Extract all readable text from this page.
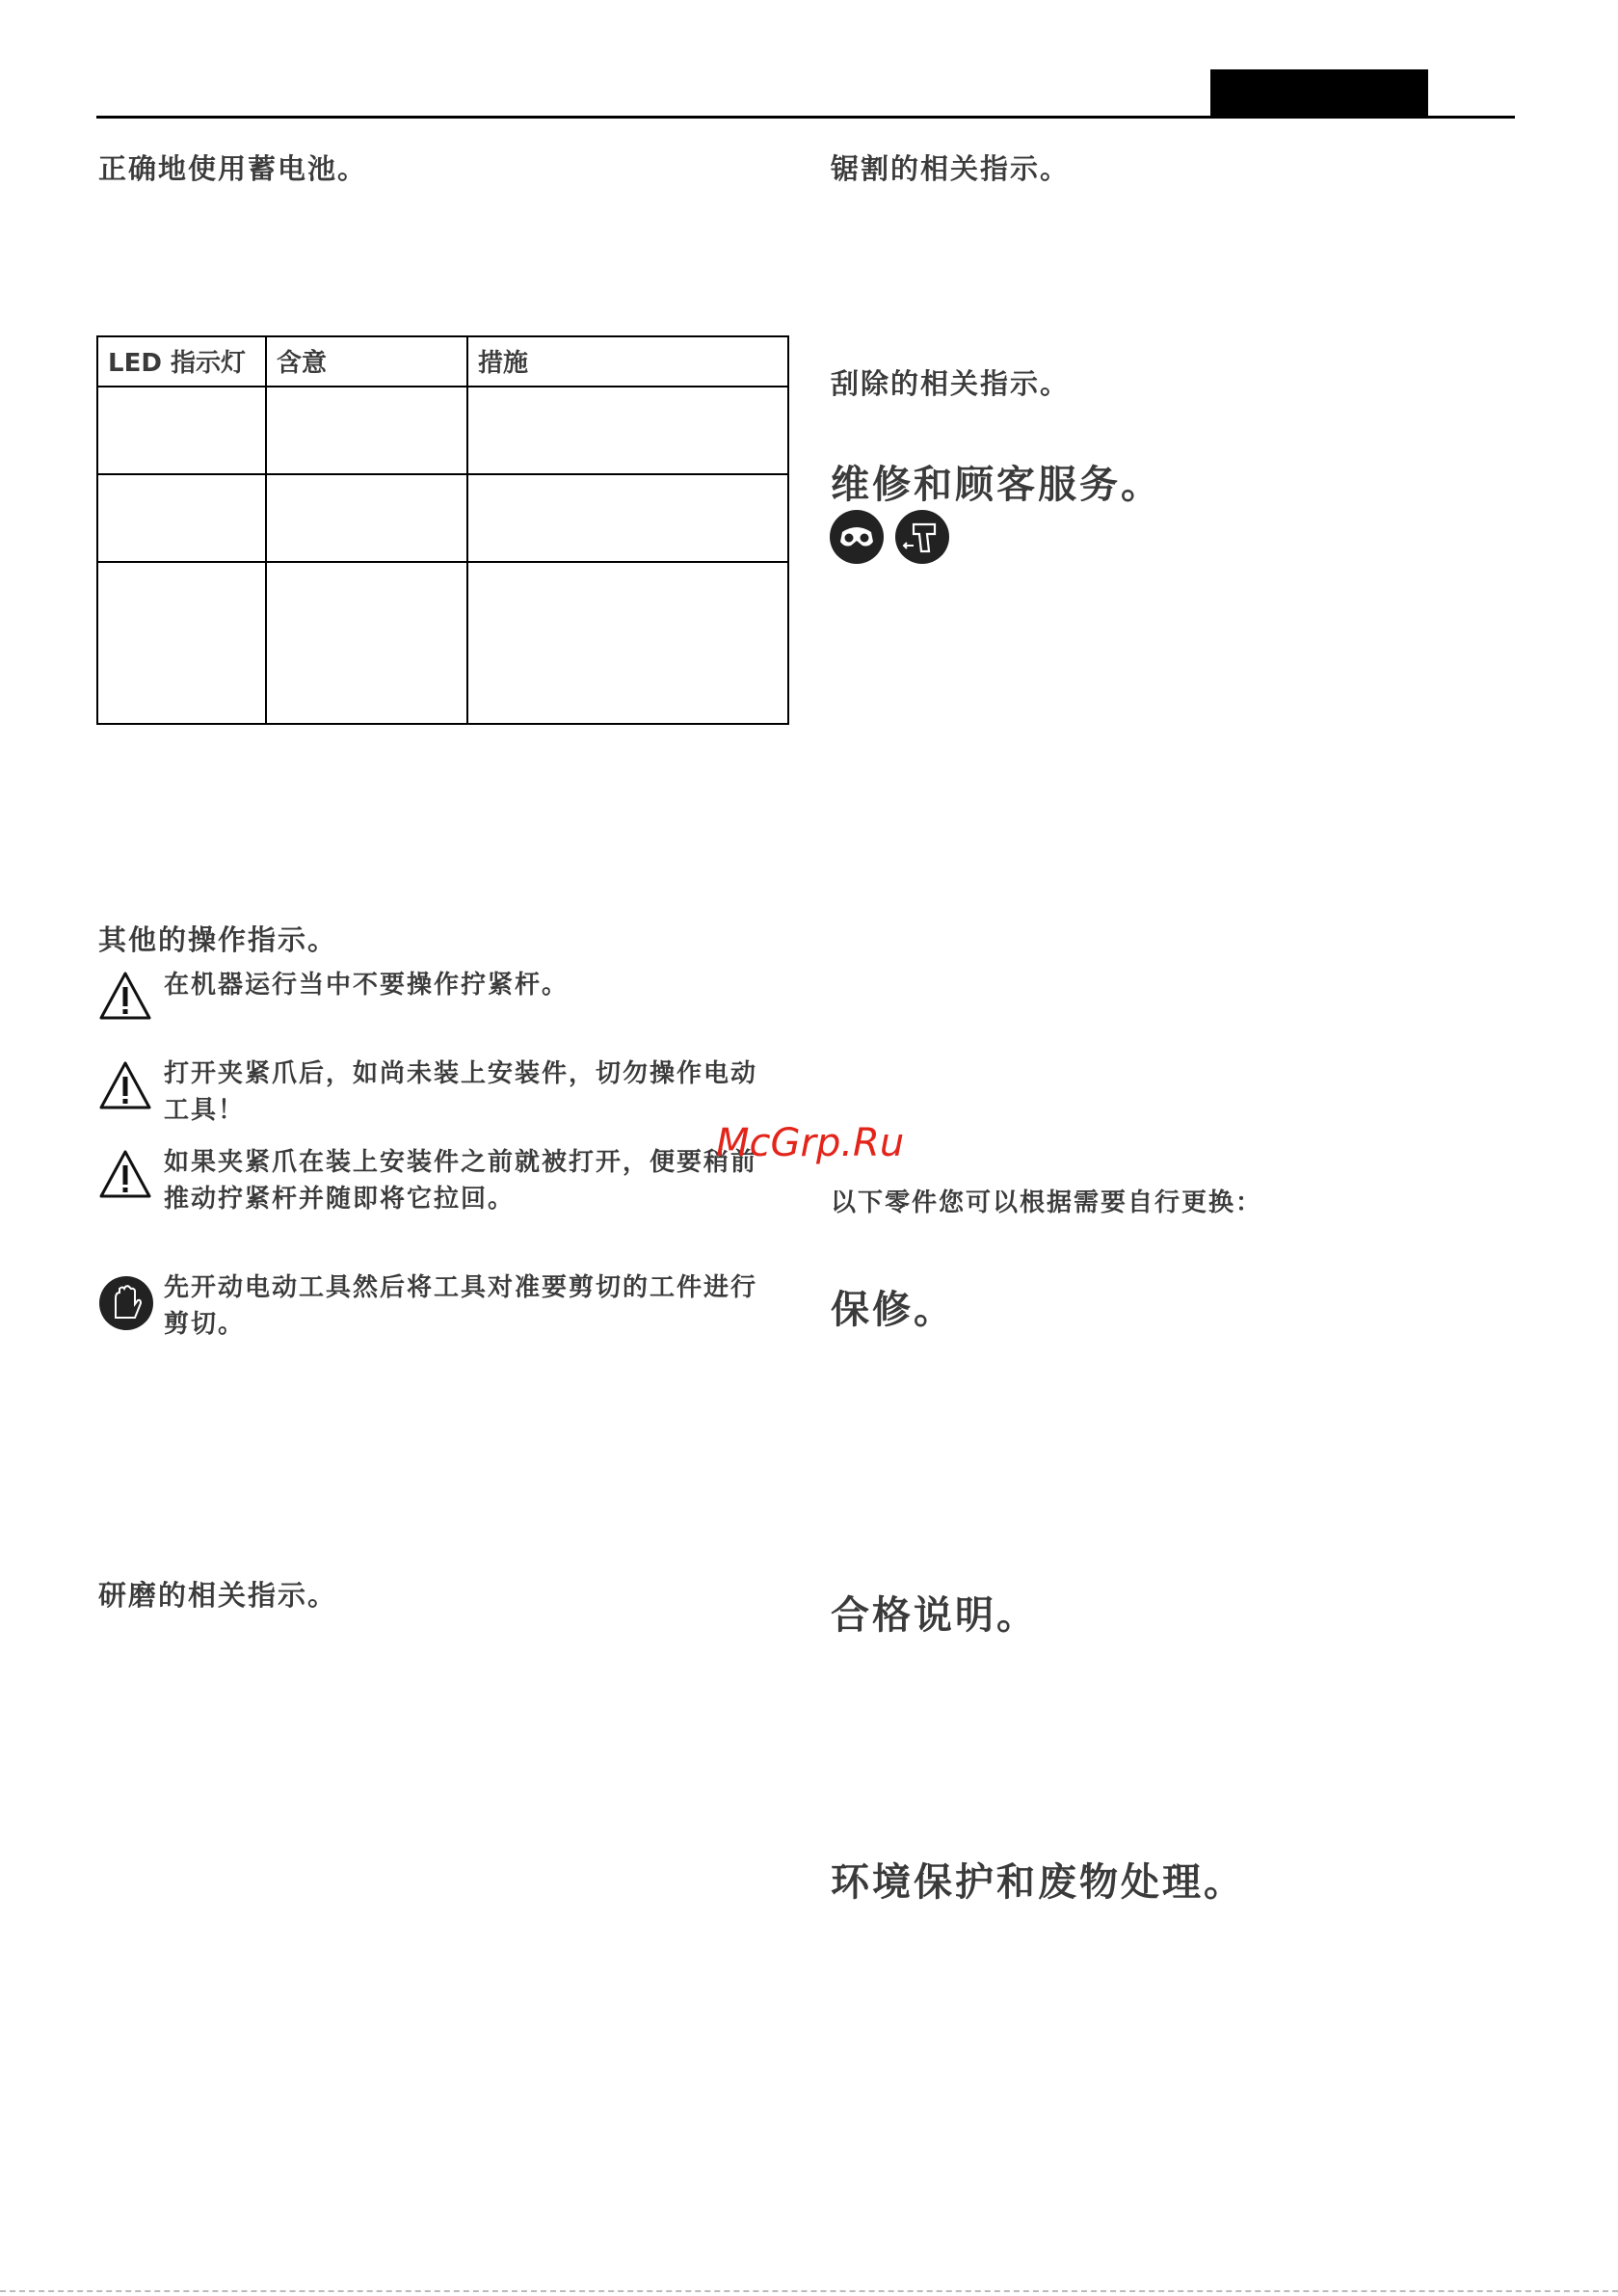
正确地使用蓄电池。
LED 指示灯	含意	措施

其他的操作指示。
在机器运行当中不要操作拧紧杆。
打开夹紧爪后，如尚未装上安装件，切勿操作电动工具！
如果夹紧爪在装上安装件之前就被打开，便要稍前推动拧紧杆并随即将它拉回。
先开动电动工具然后将工具对准要剪切的工件进行剪切。
研磨的相关指示。
锯割的相关指示。
刮除的相关指示。
维修和顾客服务。
以下零件您可以根据需要自行更换：
保修。
合格说明。
环境保护和废物处理。
McGrp.Ru
